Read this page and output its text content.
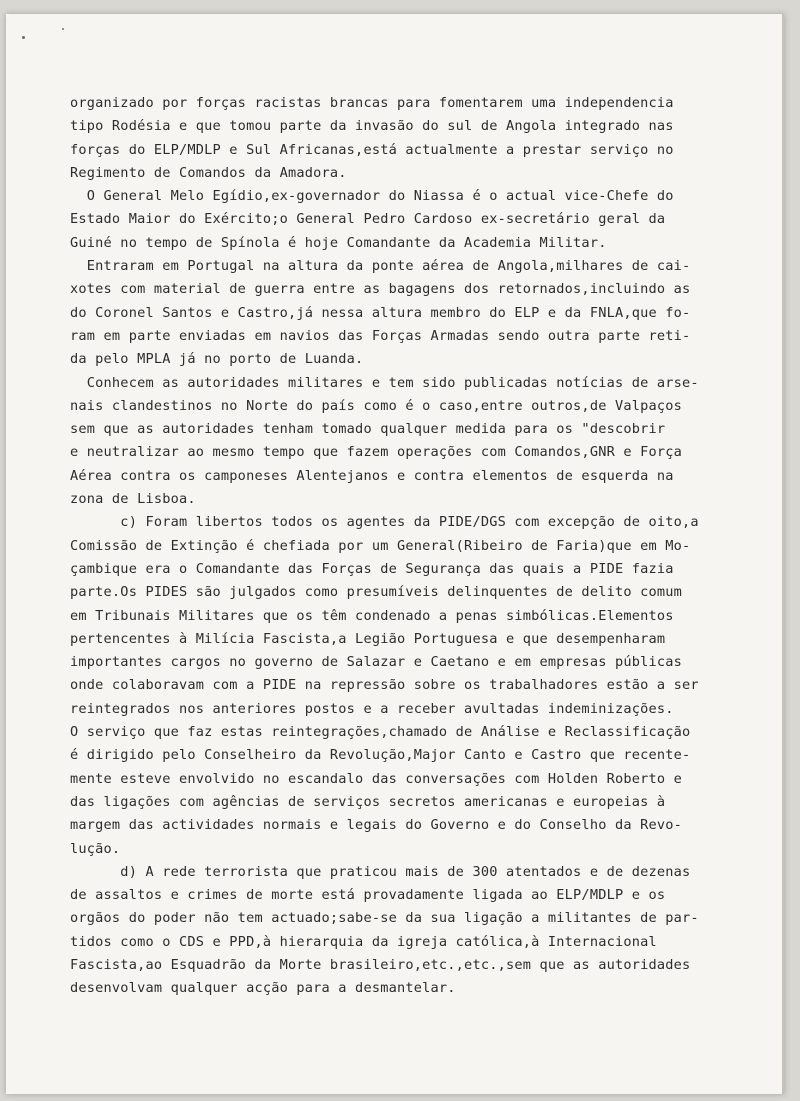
organizado por forças racistas brancas para fomentarem uma independencia
tipo Rodésia e que tomou parte da invasão do sul de Angola integrado nas
forças do ELP/MDLP e Sul Africanas,está actualmente a prestar serviço no
Regimento de Comandos da Amadora.
O General Melo Egídio,ex-governador do Niassa é o actual vice-Chefe do
Estado Maior do Exército;o General Pedro Cardoso ex-secretário geral da
Guiné no tempo de Spínola é hoje Comandante da Academia Militar.
Entraram em Portugal na altura da ponte aérea de Angola,milhares de cai-
xotes com material de guerra entre as bagagens dos retornados,incluindo as
do Coronel Santos e Castro,já nessa altura membro do ELP e da FNLA,que fo-
ram em parte enviadas em navios das Forças Armadas sendo outra parte reti-
da pelo MPLA já no porto de Luanda.
Conhecem as autoridades militares e tem sido publicadas notícias de arse-
nais clandestinos no Norte do país como é o caso,entre outros,de Valpaços
sem que as autoridades tenham tomado qualquer medida para os "descobrir
e neutralizar ao mesmo tempo que fazem operações com Comandos,GNR e Força
Aérea contra os camponeses Alentejanos e contra elementos de esquerda na
zona de Lisboa.
c) Foram libertos todos os agentes da PIDE/DGS com excepção de oito,a
Comissão de Extinção é chefiada por um General(Ribeiro de Faria)que em Mo-
çambique era o Comandante das Forças de Segurança das quais a PIDE fazia
parte.Os PIDES são julgados como presumíveis delinquentes de delito comum
em Tribunais Militares que os têm condenado a penas simbólicas.Elementos
pertencentes à Milícia Fascista,a Legião Portuguesa e que desempenharam
importantes cargos no governo de Salazar e Caetano e em empresas públicas
onde colaboravam com a PIDE na repressão sobre os trabalhadores estão a ser
reintegrados nos anteriores postos e a receber avultadas indeminizações.
O serviço que faz estas reintegrações,chamado de Análise e Reclassificação
é dirigido pelo Conselheiro da Revolução,Major Canto e Castro que recente-
mente esteve envolvido no escandalo das conversações com Holden Roberto e
das ligações com agências de serviços secretos americanas e europeias à
margem das actividades normais e legais do Governo e do Conselho da Revo-
lução.
d) A rede terrorista que praticou mais de 300 atentados e de dezenas
de assaltos e crimes de morte está provadamente ligada ao ELP/MDLP e os
orgãos do poder não tem actuado;sabe-se da sua ligação a militantes de par-
tidos como o CDS e PPD,à hierarquia da igreja católica,à Internacional
Fascista,ao Esquadrão da Morte brasileiro,etc.,etc.,sem que as autoridades
desenvolvam qualquer acção para a desmantelar.
